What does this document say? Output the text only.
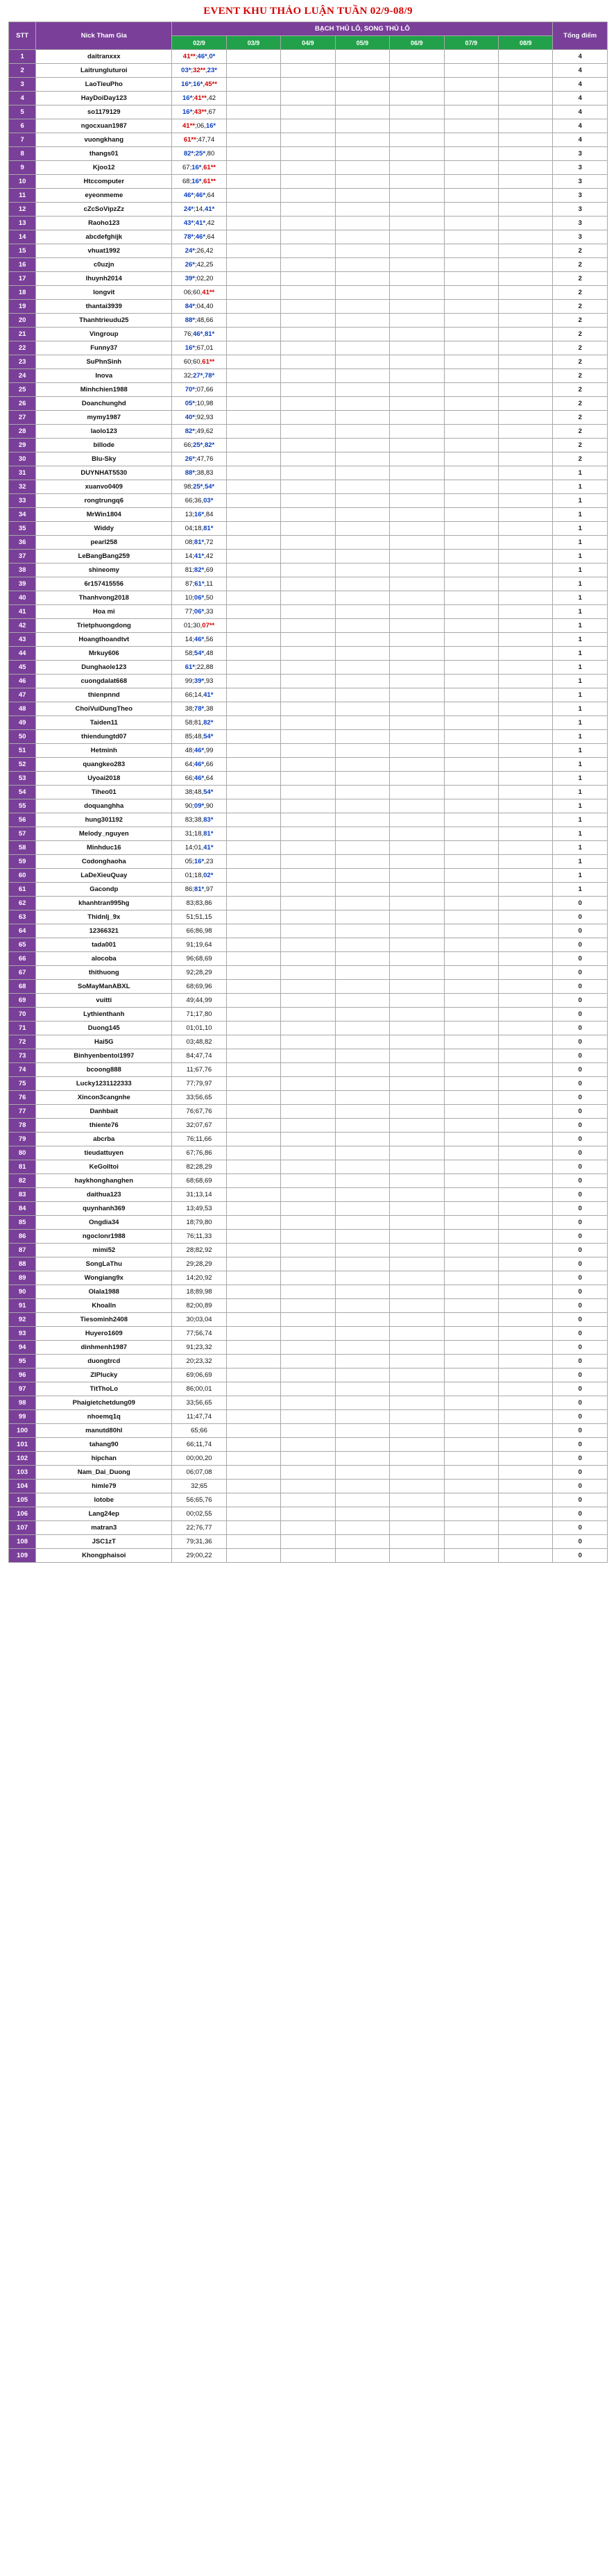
EVENT KHU THẢO LUẬN TUẦN 02/9-08/9
STT	Nick Tham Gia	BẠCH THỦ LÔ, SONG THỦ LÔ							Tổng điểm
		02/9	03/9	04/9	05/9	06/9	07/9	08/9	
1	daitranxxx	41**;46*,0*							4
2	Laitrungluturoi	03*;32**,23*							4
3	LaoTieuPho	16*;16*,45**							4
4	HayDoiDay123	16*;41**,42							4
5	so1179129	16*;43**,67							4
6	ngocxuan1987	41**;06,16*							4
7	vuongkhang	61**;47,74							4
8	thangs01	82*;25*,80							3
9	Kjoo12	67;16*,61**							3
10	Htccomputer	68;16*,61**							3
11	eyeonmeme	46*;46*,64							3
12	cZcSoVipzZz	24*;14,41*							3
13	Raoho123	43*;41*,42							3
14	abcdefghijk	78*;46*,64							3
15	vhuat1992	24*;26,42							2
16	c0uzjn	26*;42,25							2
17	lhuynh2014	39*;02,20							2
18	longvit	06;60,41**							2
19	thantai3939	84*;04,40							2
20	Thanhtrieudu25	88*;48,66							2
21	Vingroup	76;46*,81*							2
22	Funny37	16*;67,01							2
23	SuPhnSinh	60;60,61**							2
24	Inova	32;27*,78*							2
25	Minhchien1988	70*;07,66							2
26	Doanchunghd	05*;10,98							2
27	mymy1987	40*;92,93							2
28	laolo123	82*;49,62							2
29	billode	66;25*,82*							2
30	Blu-Sky	26*;47,76							2
31	DUYNHAT5530	88*;38,83							1
32	xuanvo0409	98;25*,54*							1
33	rongtrungq6	66;36,03*							1
34	MrWin1804	13;16*,84							1
35	Widdy	04;18,81*							1
36	pearl258	08;81*,72							1
37	LeBangBang259	14;41*,42							1
38	shineomy	81;82*,69							1
39	6r157415556	87;61*,11							1
40	Thanhvong2018	10;06*,50							1
41	Hoa mi	77;06*,33							1
42	Trietphuongdong	01;30,07**							1
43	Hoangthoandtvt	14;46*,56							1
44	Mrkuy606	58;54*,48							1
45	Dunghaole123	61*;22,88							1
46	cuongdalat668	99;39*,93							1
47	thienpnnd	66;14,41*							1
48	ChoiVuiDungTheo	38;78*,38							1
49	Taiden11	58;81,82*							1
50	thiendungtd07	85;48,54*							1
51	Hetminh	48;46*,99							1
52	quangkeo283	64;46*,66							1
53	Uyoai2018	66;46*,64							1
54	Tiheo01	38;48,54*							1
55	doquanghha	90;09*,90							1
56	hung301192	83;38,83*							1
57	Melody_nguyen	31;18,81*							1
58	Minhduc16	14;01,41*							1
59	Codonghaoha	05;16*,23							1
60	LaDeXieuQuay	01;18,02*							1
61	Gacondp	86;81*,97							1
62	khanhtran995hg	83;83,86							0
63	Thidnlj_9x	51;51,15							0
64	12366321	66;86,98							0
65	tada001	91;19,64							0
66	alocoba	96;68,69							0
67	thithuong	92;28,29							0
68	SoMayManABXL	68;69,96							0
69	vuitti	49;44,99							0
70	Lythienthanh	71;17,80							0
71	Duong145	01;01,10							0
72	Hai5G	03;48,82							0
73	Binhyenbentoi1997	84;47,74							0
74	bcoong888	11;67,76							0
75	Lucky1231122333	77;79,97							0
76	Xincon3cangnhe	33;56,65							0
77	Danhbait	76;67,76							0
78	thiente76	32;07,67							0
79	abcrba	76;11,66							0
80	tieudattuyen	67;76,86							0
81	KeGolltoi	82;28,29							0
82	haykhonghanghen	68;68,69							0
83	daithua123	31;13,14							0
84	quynhanh369	13;49,53							0
85	Ongdia34	18;79,80							0
86	ngoclonr1988	76;11,33							0
87	mimi52	28;82,92							0
88	SongLaThu	29;28,29							0
89	Wongiang9x	14;20,92							0
90	Olala1988	18;89,98							0
91	Khoalln	82;00,89							0
92	Tiesominh2408	30;03,04							0
93	Huyero1609	77;56,74							0
94	dinhmenh1987	91;23,32							0
95	duongtrcd	20;23,32							0
96	ZlPlucky	69;06,69							0
97	TitThoLo	86;00,01							0
98	Phaigietchetdung09	33;56,65							0
99	nhoemq1q	11;47,74							0
100	manutd80hl	65;66							0
101	tahang90	66;11,74							0
102	hipchan	00;00,20							0
103	Nam_Dai_Duong	06;07,08							0
104	himle79	32;65							0
105	lotobe	56;65,76							0
106	Lang24ep	00;02,55							0
107	matran3	22;76,77							0
108	JSC1zT	79;31,36							0
109	Khongphaisoi	29;00,22							0
